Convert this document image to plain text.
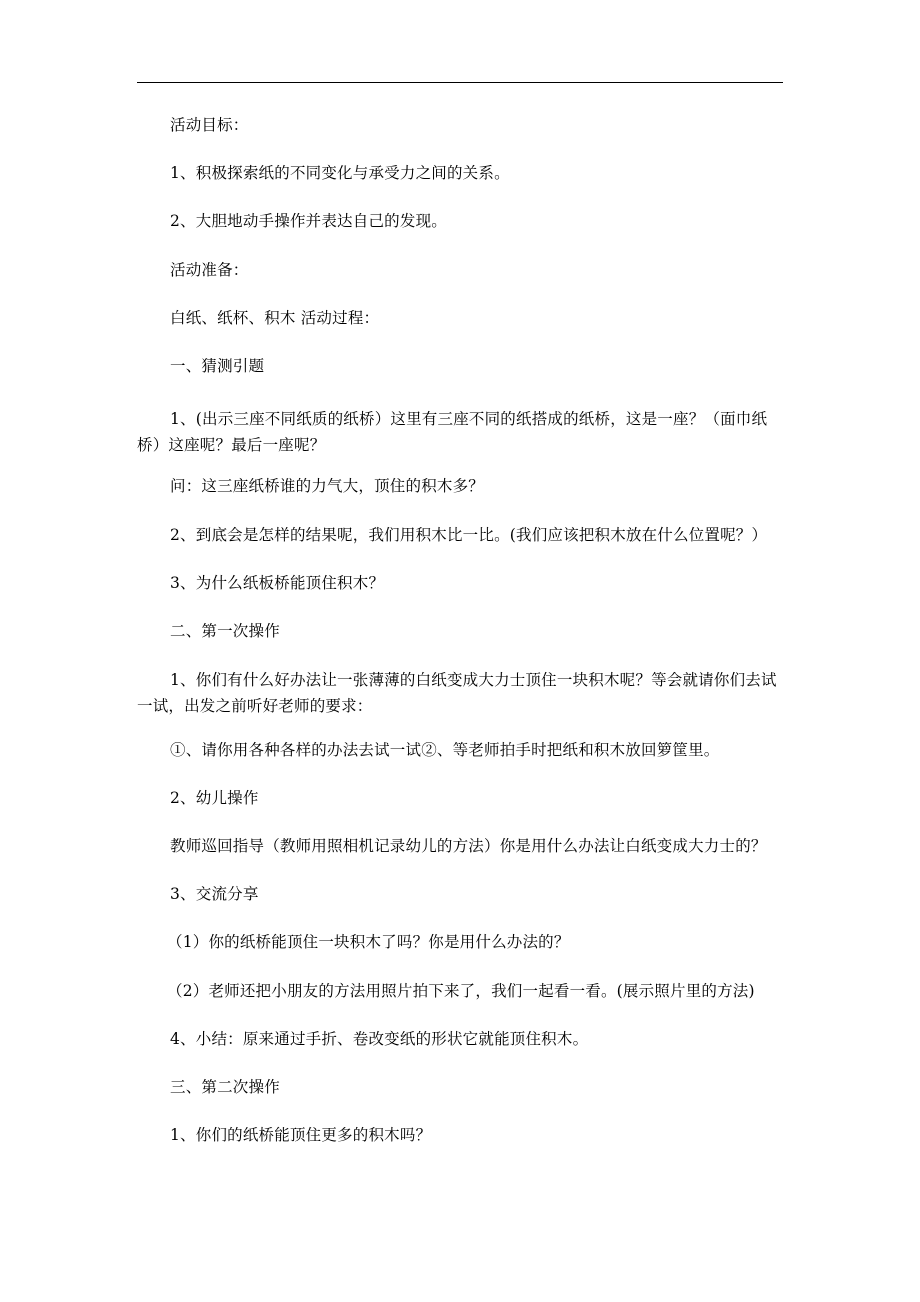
活动目标：
1、积极探索纸的不同变化与承受力之间的关系。
2、大胆地动手操作并表达自己的发现。
活动准备：
白纸、纸杯、积木 活动过程：
一、猜测引题
1、(出示三座不同纸质的纸桥）这里有三座不同的纸搭成的纸桥，这是一座？（面巾纸桥）这座呢？最后一座呢？
问：这三座纸桥谁的力气大，顶住的积木多？
2、到底会是怎样的结果呢，我们用积木比一比。(我们应该把积木放在什么位置呢？）
3、为什么纸板桥能顶住积木？
二、第一次操作
1、你们有什么好办法让一张薄薄的白纸变成大力士顶住一块积木呢？等会就请你们去试一试，出发之前听好老师的要求：
①、请你用各种各样的办法去试一试②、等老师拍手时把纸和积木放回箩筐里。
2、幼儿操作
教师巡回指导（教师用照相机记录幼儿的方法）你是用什么办法让白纸变成大力士的？
3、交流分享
（1）你的纸桥能顶住一块积木了吗？你是用什么办法的？
（2）老师还把小朋友的方法用照片拍下来了，我们一起看一看。(展示照片里的方法)
4、小结：原来通过手折、卷改变纸的形状它就能顶住积木。
三、第二次操作
1、你们的纸桥能顶住更多的积木吗？
